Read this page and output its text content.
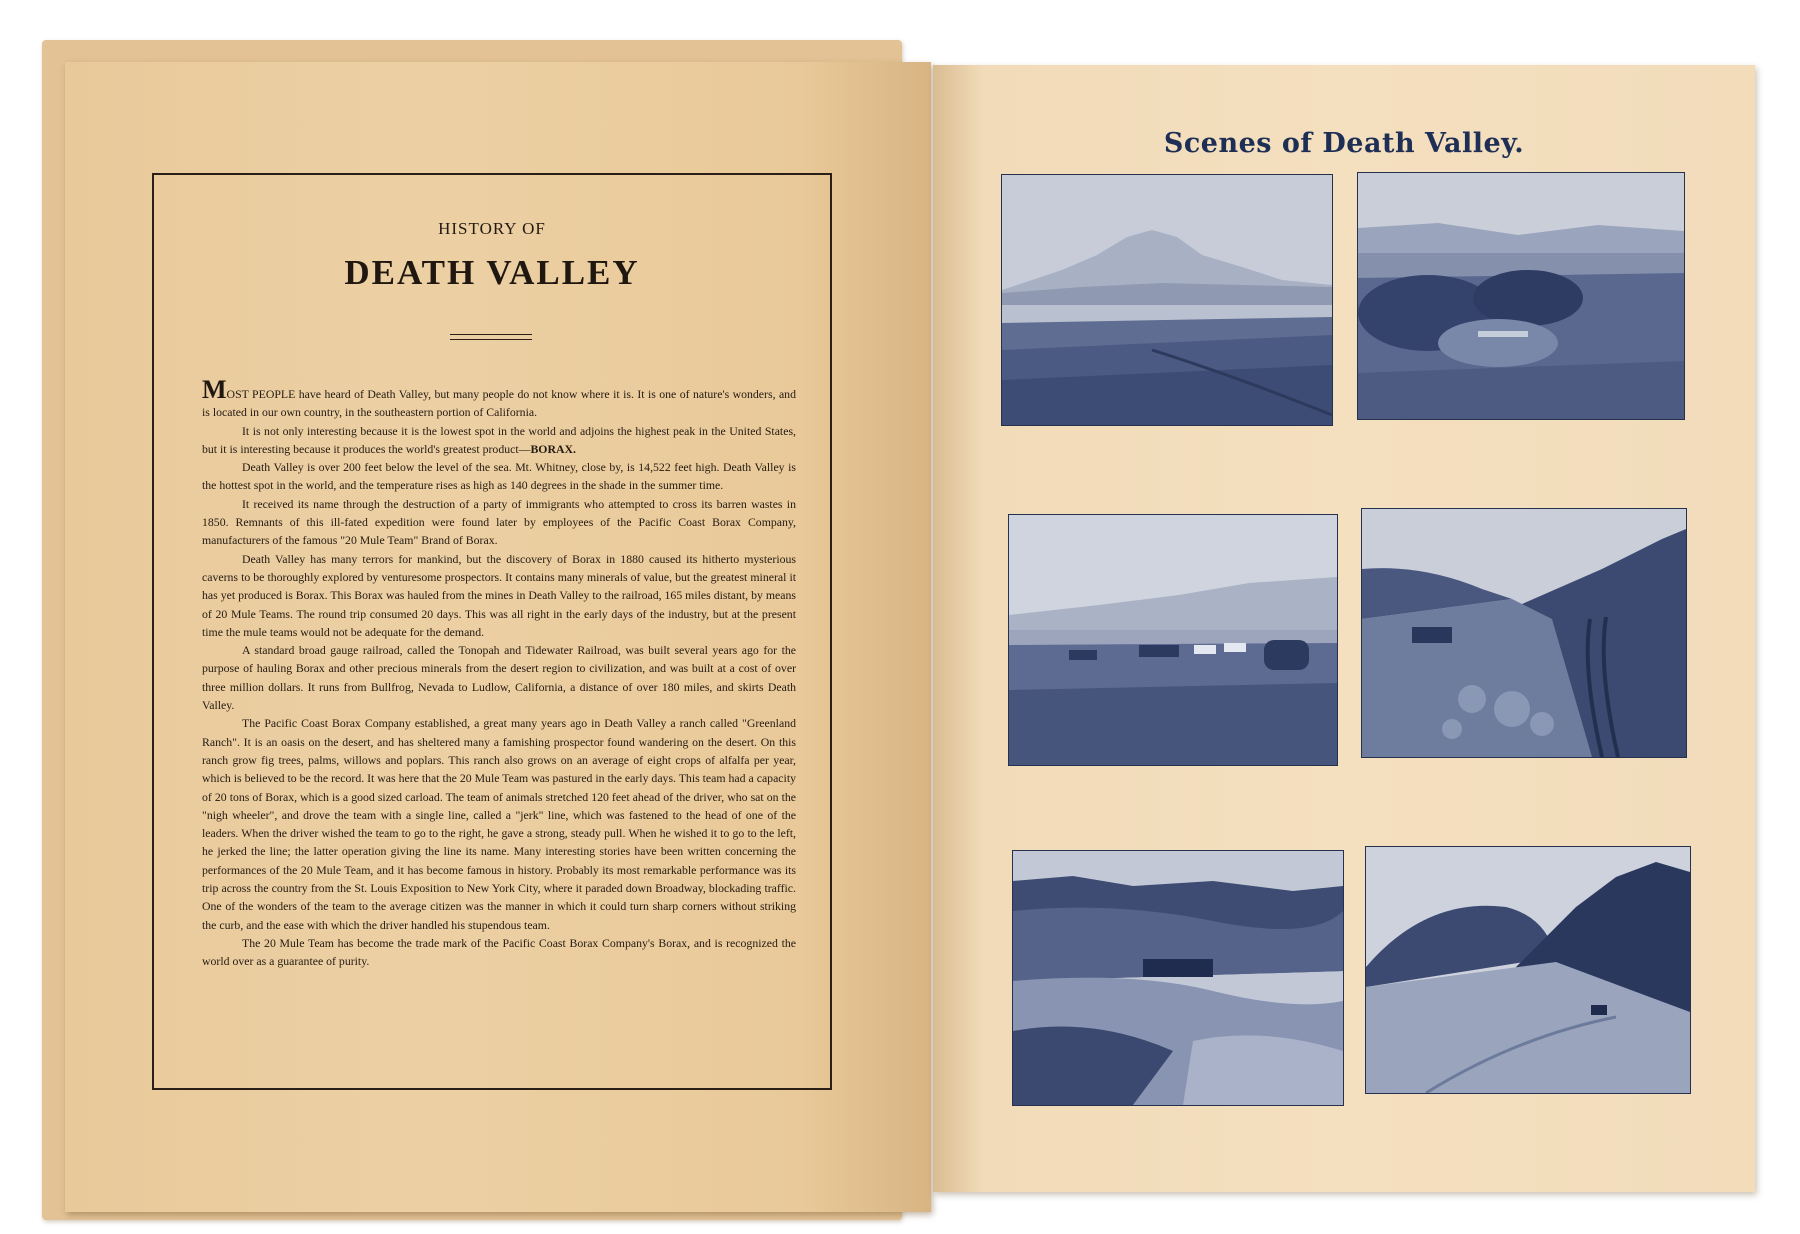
HISTORY OF
DEATH VALLEY

MOST PEOPLE have heard of Death Valley, but many people do not know where it is. It is one of nature's wonders, and is located in our own country, in the southeastern portion of California.

It is not only interesting because it is the lowest spot in the world and adjoins the highest peak in the United States, but it is interesting because it produces the world's greatest product—BORAX.

Death Valley is over 200 feet below the level of the sea. Mt. Whitney, close by, is 14,522 feet high. Death Valley is the hottest spot in the world, and the temperature rises as high as 140 degrees in the shade in the summer time.

It received its name through the destruction of a party of immigrants who attempted to cross its barren wastes in 1850. Remnants of this ill-fated expedition were found later by employees of the Pacific Coast Borax Company, manufacturers of the famous "20 Mule Team" Brand of Borax.

Death Valley has many terrors for mankind, but the discovery of Borax in 1880 caused its hitherto mysterious caverns to be thoroughly explored by venturesome prospectors. It contains many minerals of value, but the greatest mineral it has yet produced is Borax. This Borax was hauled from the mines in Death Valley to the railroad, 165 miles distant, by means of 20 Mule Teams. The round trip consumed 20 days. This was all right in the early days of the industry, but at the present time the mule teams would not be adequate for the demand.

A standard broad gauge railroad, called the Tonopah and Tidewater Railroad, was built several years ago for the purpose of hauling Borax and other precious minerals from the desert region to civilization, and was built at a cost of over three million dollars. It runs from Bullfrog, Nevada to Ludlow, California, a distance of over 180 miles, and skirts Death Valley.

The Pacific Coast Borax Company established, a great many years ago in Death Valley a ranch called "Greenland Ranch". It is an oasis on the desert, and has sheltered many a famishing prospector found wandering on the desert. On this ranch grow fig trees, palms, willows and poplars. This ranch also grows on an average of eight crops of alfalfa per year, which is believed to be the record. It was here that the 20 Mule Team was pastured in the early days. This team had a capacity of 20 tons of Borax, which is a good sized carload. The team of animals stretched 120 feet ahead of the driver, who sat on the "nigh wheeler", and drove the team with a single line, called a "jerk" line, which was fastened to the head of one of the leaders. When the driver wished the team to go to the right, he gave a strong, steady pull. When he wished it to go to the left, he jerked the line; the latter operation giving the line its name. Many interesting stories have been written concerning the performances of the 20 Mule Team, and it has become famous in history. Probably its most remarkable performance was its trip across the country from the St. Louis Exposition to New York City, where it paraded down Broadway, blockading traffic. One of the wonders of the team to the average citizen was the manner in which it could turn sharp corners without striking the curb, and the ease with which the driver handled his stupendous team.

The 20 Mule Team has become the trade mark of the Pacific Coast Borax Company's Borax, and is recognized the world over as a guarantee of purity.

Scenes of Death Valley.
